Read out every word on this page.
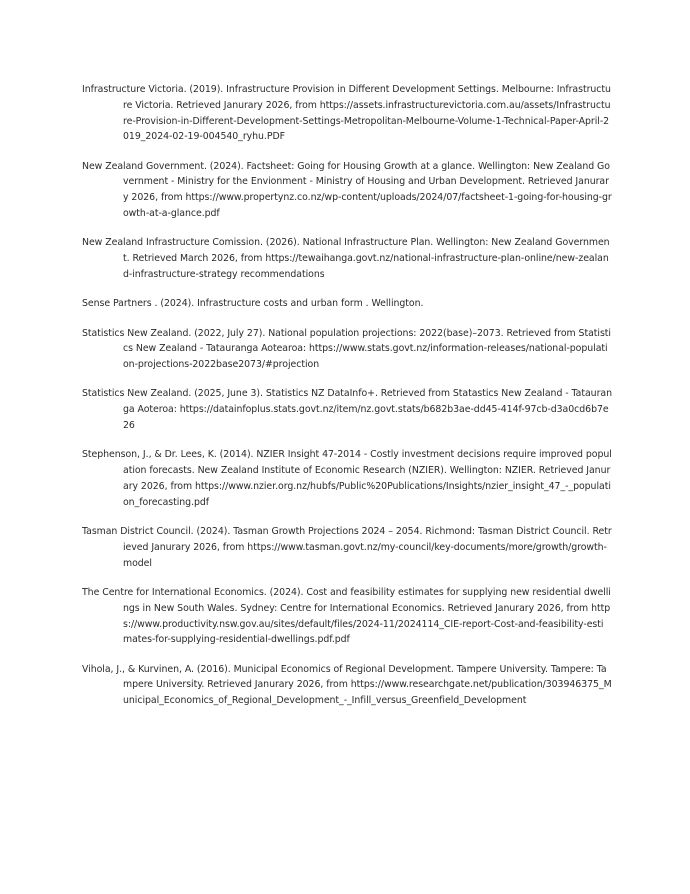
Infrastructure Victoria. (2019). Infrastructure Provision in Different Development Settings. Melbourne: Infrastructure Victoria. Retrieved Janurary 2026, from https://assets.infrastructurevictoria.com.au/assets/Infrastructure-Provision-in-Different-Development-Settings-Metropolitan-Melbourne-Volume-1-Technical-Paper-April-2019_2024-02-19-004540_ryhu.PDF
New Zealand Government. (2024). Factsheet: Going for Housing Growth at a glance. Wellington: New Zealand Government - Ministry for the Envionment - Ministry of Housing and Urban Development. Retrieved Janurary 2026, from https://www.propertynz.co.nz/wp-content/uploads/2024/07/factsheet-1-going-for-housing-growth-at-a-glance.pdf
New Zealand Infrastructure Comission. (2026). National Infrastructure Plan. Wellington: New Zealand Government. Retrieved March 2026, from https://tewaihanga.govt.nz/national-infrastructure-plan-online/new-zealand-infrastructure-strategy recommendations
Sense Partners . (2024). Infrastructure costs and urban form . Wellington.
Statistics New Zealand. (2022, July 27). National population projections: 2022(base)–2073. Retrieved from Statistics New Zealand - Tatauranga Aotearoa: https://www.stats.govt.nz/information-releases/national-population-projections-2022base2073/#projection
Statistics New Zealand. (2025, June 3). Statistics NZ DataInfo+. Retrieved from Statastics New Zealand - Tatauranga Aoteroa: https://datainfoplus.stats.govt.nz/item/nz.govt.stats/b682b3ae-dd45-414f-97cb-d3a0cd6b7e26
Stephenson, J., & Dr. Lees, K. (2014). NZIER Insight 47-2014 - Costly investment decisions require improved population forecasts. New Zealand Institute of Economic Research (NZIER). Wellington: NZIER. Retrieved Janurary 2026, from https://www.nzier.org.nz/hubfs/Public%20Publications/Insights/nzier_insight_47_-_population_forecasting.pdf
Tasman District Council. (2024). Tasman Growth Projections 2024 – 2054. Richmond: Tasman District Council. Retrieved Janurary 2026, from https://www.tasman.govt.nz/my-council/key-documents/more/growth/growth-model
The Centre for International Economics. (2024). Cost and feasibility estimates for supplying new residential dwellings in New South Wales. Sydney: Centre for International Economics. Retrieved Janurary 2026, from https://www.productivity.nsw.gov.au/sites/default/files/2024-11/2024114_CIE-report-Cost-and-feasibility-estimates-for-supplying-residential-dwellings.pdf.pdf
Vihola, J., & Kurvinen, A. (2016). Municipal Economics of Regional Development. Tampere University. Tampere: Tampere University. Retrieved Janurary 2026, from https://www.researchgate.net/publication/303946375_Municipal_Economics_of_Regional_Development_-_Infill_versus_Greenfield_Development
